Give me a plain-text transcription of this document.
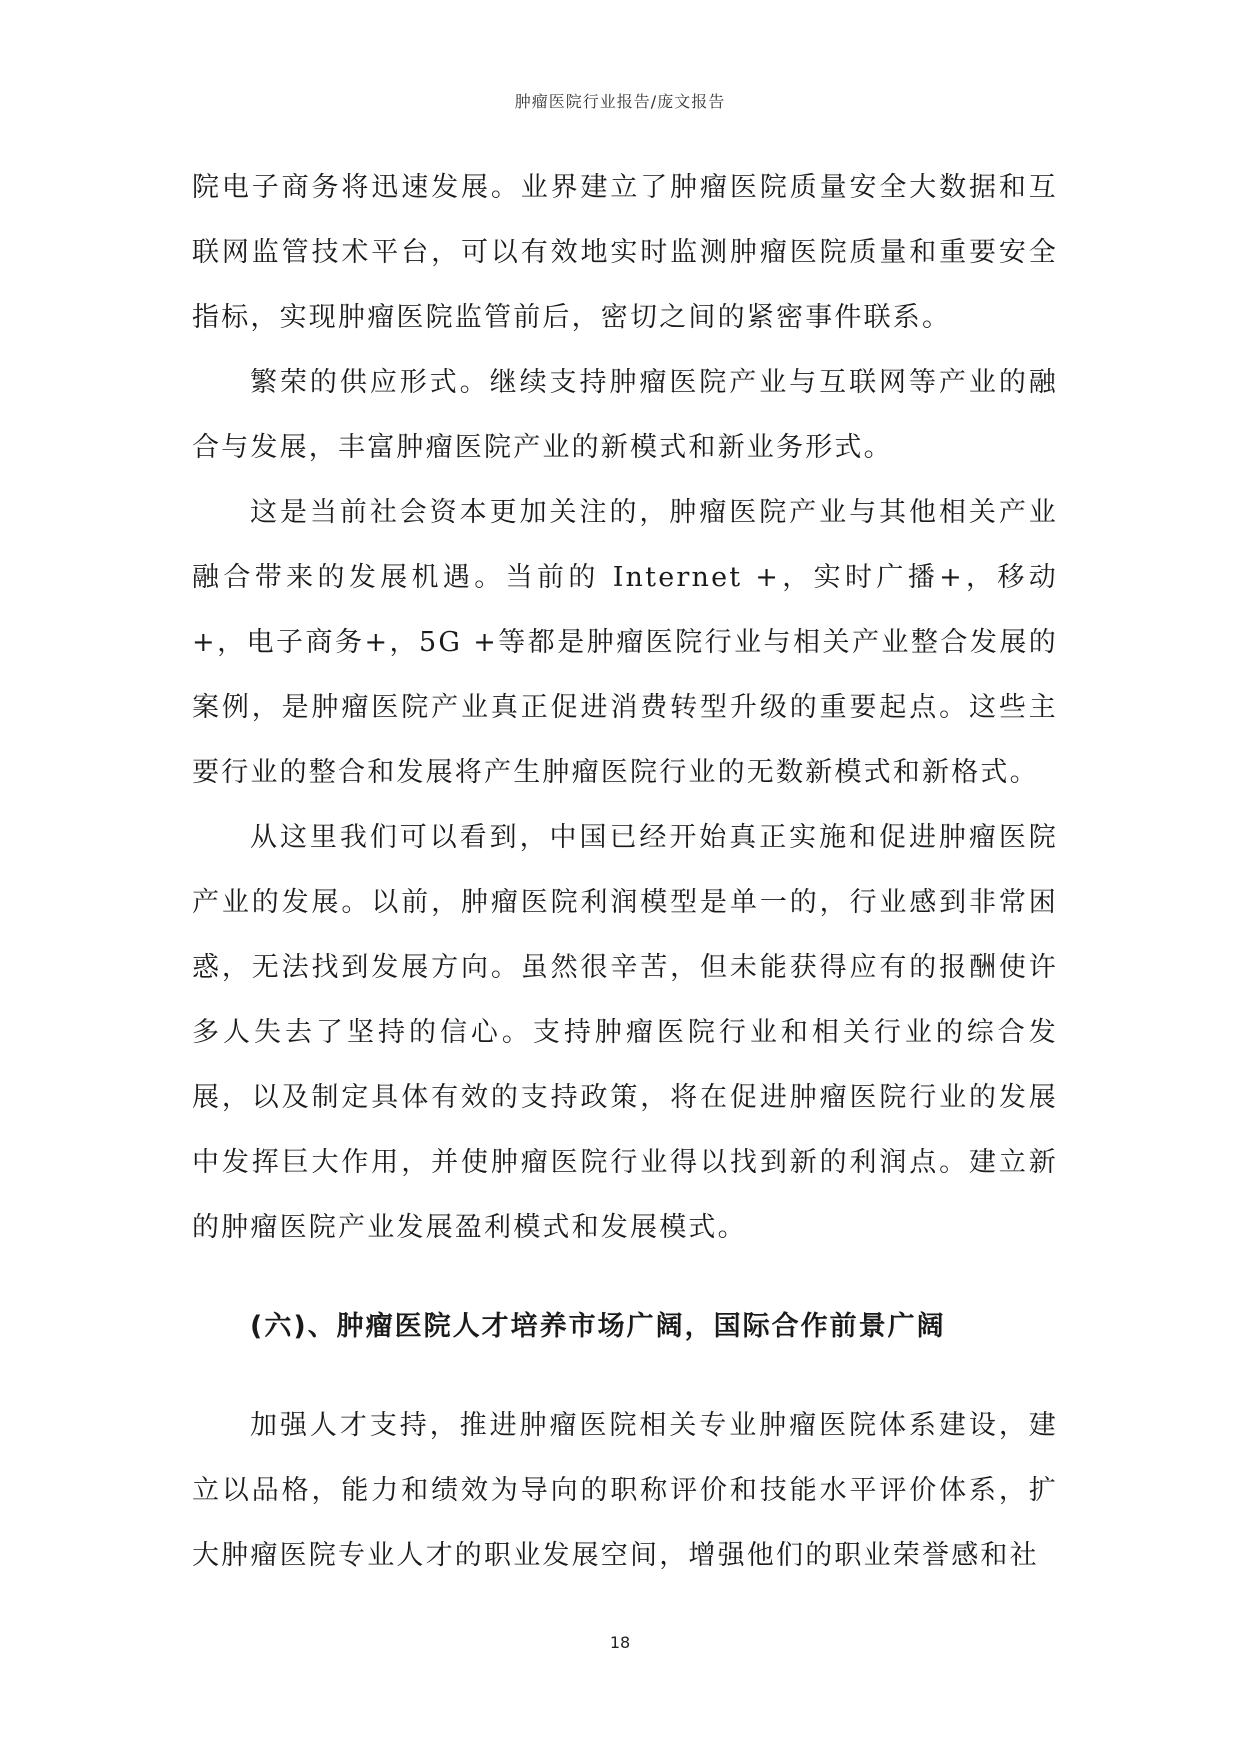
肿瘤医院行业报告/庞文报告

院电子商务将迅速发展。业界建立了肿瘤医院质量安全大数据和互联网监管技术平台，可以有效地实时监测肿瘤医院质量和重要安全指标，实现肿瘤医院监管前后，密切之间的紧密事件联系。

繁荣的供应形式。继续支持肿瘤医院产业与互联网等产业的融合与发展，丰富肿瘤医院产业的新模式和新业务形式。

这是当前社会资本更加关注的，肿瘤医院产业与其他相关产业融合带来的发展机遇。当前的 Internet +，实时广播+，移动+，电子商务+，5G +等都是肿瘤医院行业与相关产业整合发展的案例，是肿瘤医院产业真正促进消费转型升级的重要起点。这些主要行业的整合和发展将产生肿瘤医院行业的无数新模式和新格式。

从这里我们可以看到，中国已经开始真正实施和促进肿瘤医院产业的发展。以前，肿瘤医院利润模型是单一的，行业感到非常困惑，无法找到发展方向。虽然很辛苦，但未能获得应有的报酬使许多人失去了坚持的信心。支持肿瘤医院行业和相关行业的综合发展，以及制定具体有效的支持政策，将在促进肿瘤医院行业的发展中发挥巨大作用，并使肿瘤医院行业得以找到新的利润点。建立新的肿瘤医院产业发展盈利模式和发展模式。

(六)、肿瘤医院人才培养市场广阔，国际合作前景广阔

加强人才支持，推进肿瘤医院相关专业肿瘤医院体系建设，建立以品格，能力和绩效为导向的职称评价和技能水平评价体系，扩大肿瘤医院专业人才的职业发展空间，增强他们的职业荣誉感和社

18
